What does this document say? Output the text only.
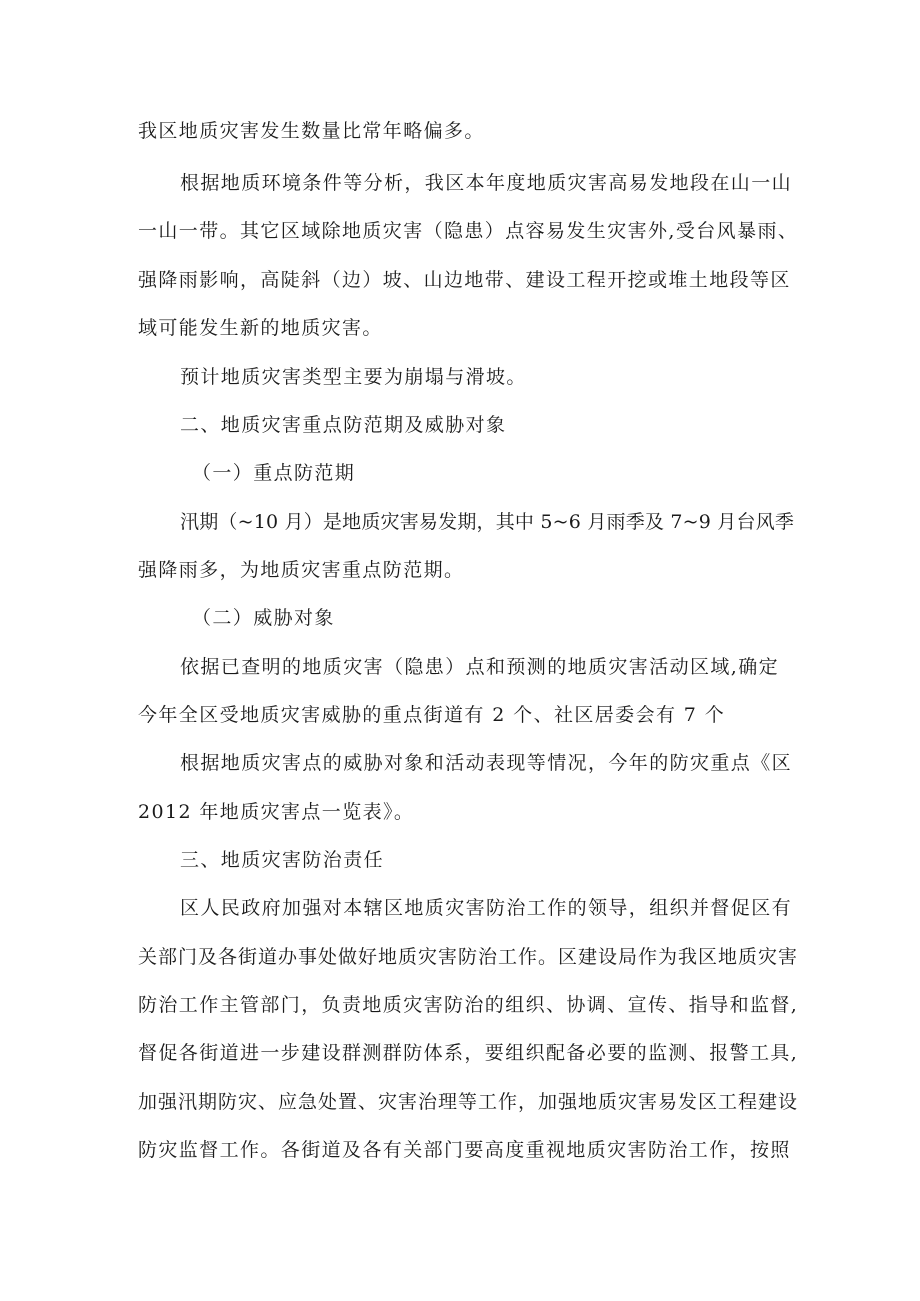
我区地质灾害发生数量比常年略偏多。
根据地质环境条件等分析，我区本年度地质灾害高易发地段在山一山
一山一带。其它区域除地质灾害（隐患）点容易发生灾害外,受台风暴雨、
强降雨影响，高陡斜（边）坡、山边地带、建设工程开挖或堆土地段等区
域可能发生新的地质灾害。
预计地质灾害类型主要为崩塌与滑坡。
二、地质灾害重点防范期及威胁对象
（一）重点防范期
汛期（~10 月）是地质灾害易发期，其中 5~6 月雨季及 7~9 月台风季
强降雨多，为地质灾害重点防范期。
（二）威胁对象
依据已查明的地质灾害（隐患）点和预测的地质灾害活动区域,确定
今年全区受地质灾害威胁的重点街道有 2 个、社区居委会有 7 个
根据地质灾害点的威胁对象和活动表现等情况，今年的防灾重点《区
2012 年地质灾害点一览表》。
三、地质灾害防治责任
区人民政府加强对本辖区地质灾害防治工作的领导，组织并督促区有
关部门及各街道办事处做好地质灾害防治工作。区建设局作为我区地质灾害
防治工作主管部门，负责地质灾害防治的组织、协调、宣传、指导和监督,
督促各街道进一步建设群测群防体系，要组织配备必要的监测、报警工具,
加强汛期防灾、应急处置、灾害治理等工作，加强地质灾害易发区工程建设
防灾监督工作。各街道及各有关部门要高度重视地质灾害防治工作，按照
